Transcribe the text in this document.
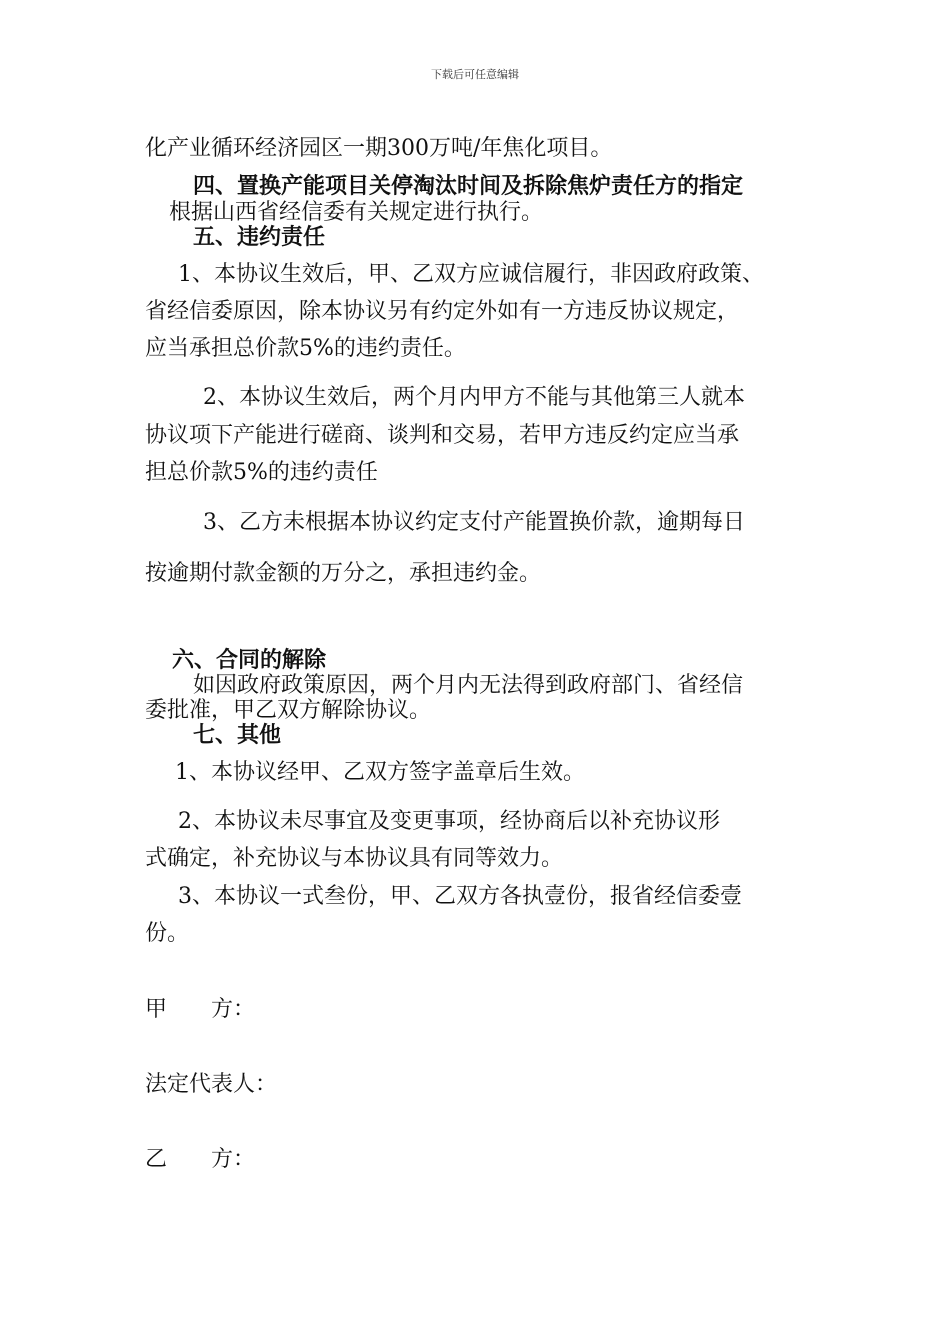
下载后可任意编辑
化产业循环经济园区一期300万吨/年焦化项目。
四、置换产能项目关停淘汰时间及拆除焦炉责任方的指定
根据山西省经信委有关规定进行执行。
五、违约责任
1、本协议生效后，甲、乙双方应诚信履行，非因政府政策、
省经信委原因，除本协议另有约定外如有一方违反协议规定，
应当承担总价款5%的违约责任。
2、本协议生效后，两个月内甲方不能与其他第三人就本
协议项下产能进行磋商、谈判和交易，若甲方违反约定应当承
担总价款5%的违约责任
3、乙方未根据本协议约定支付产能置换价款，逾期每日
按逾期付款金额的万分之，承担违约金。
六、合同的解除
如因政府政策原因，两个月内无法得到政府部门、省经信
委批准，甲乙双方解除协议。
七、其他
1、本协议经甲、乙双方签字盖章后生效。
2、本协议未尽事宜及变更事项，经协商后以补充协议形
式确定，补充协议与本协议具有同等效力。
3、本协议一式叁份，甲、乙双方各执壹份，报省经信委壹
份。
甲　　方：
法定代表人：
乙　　方：
